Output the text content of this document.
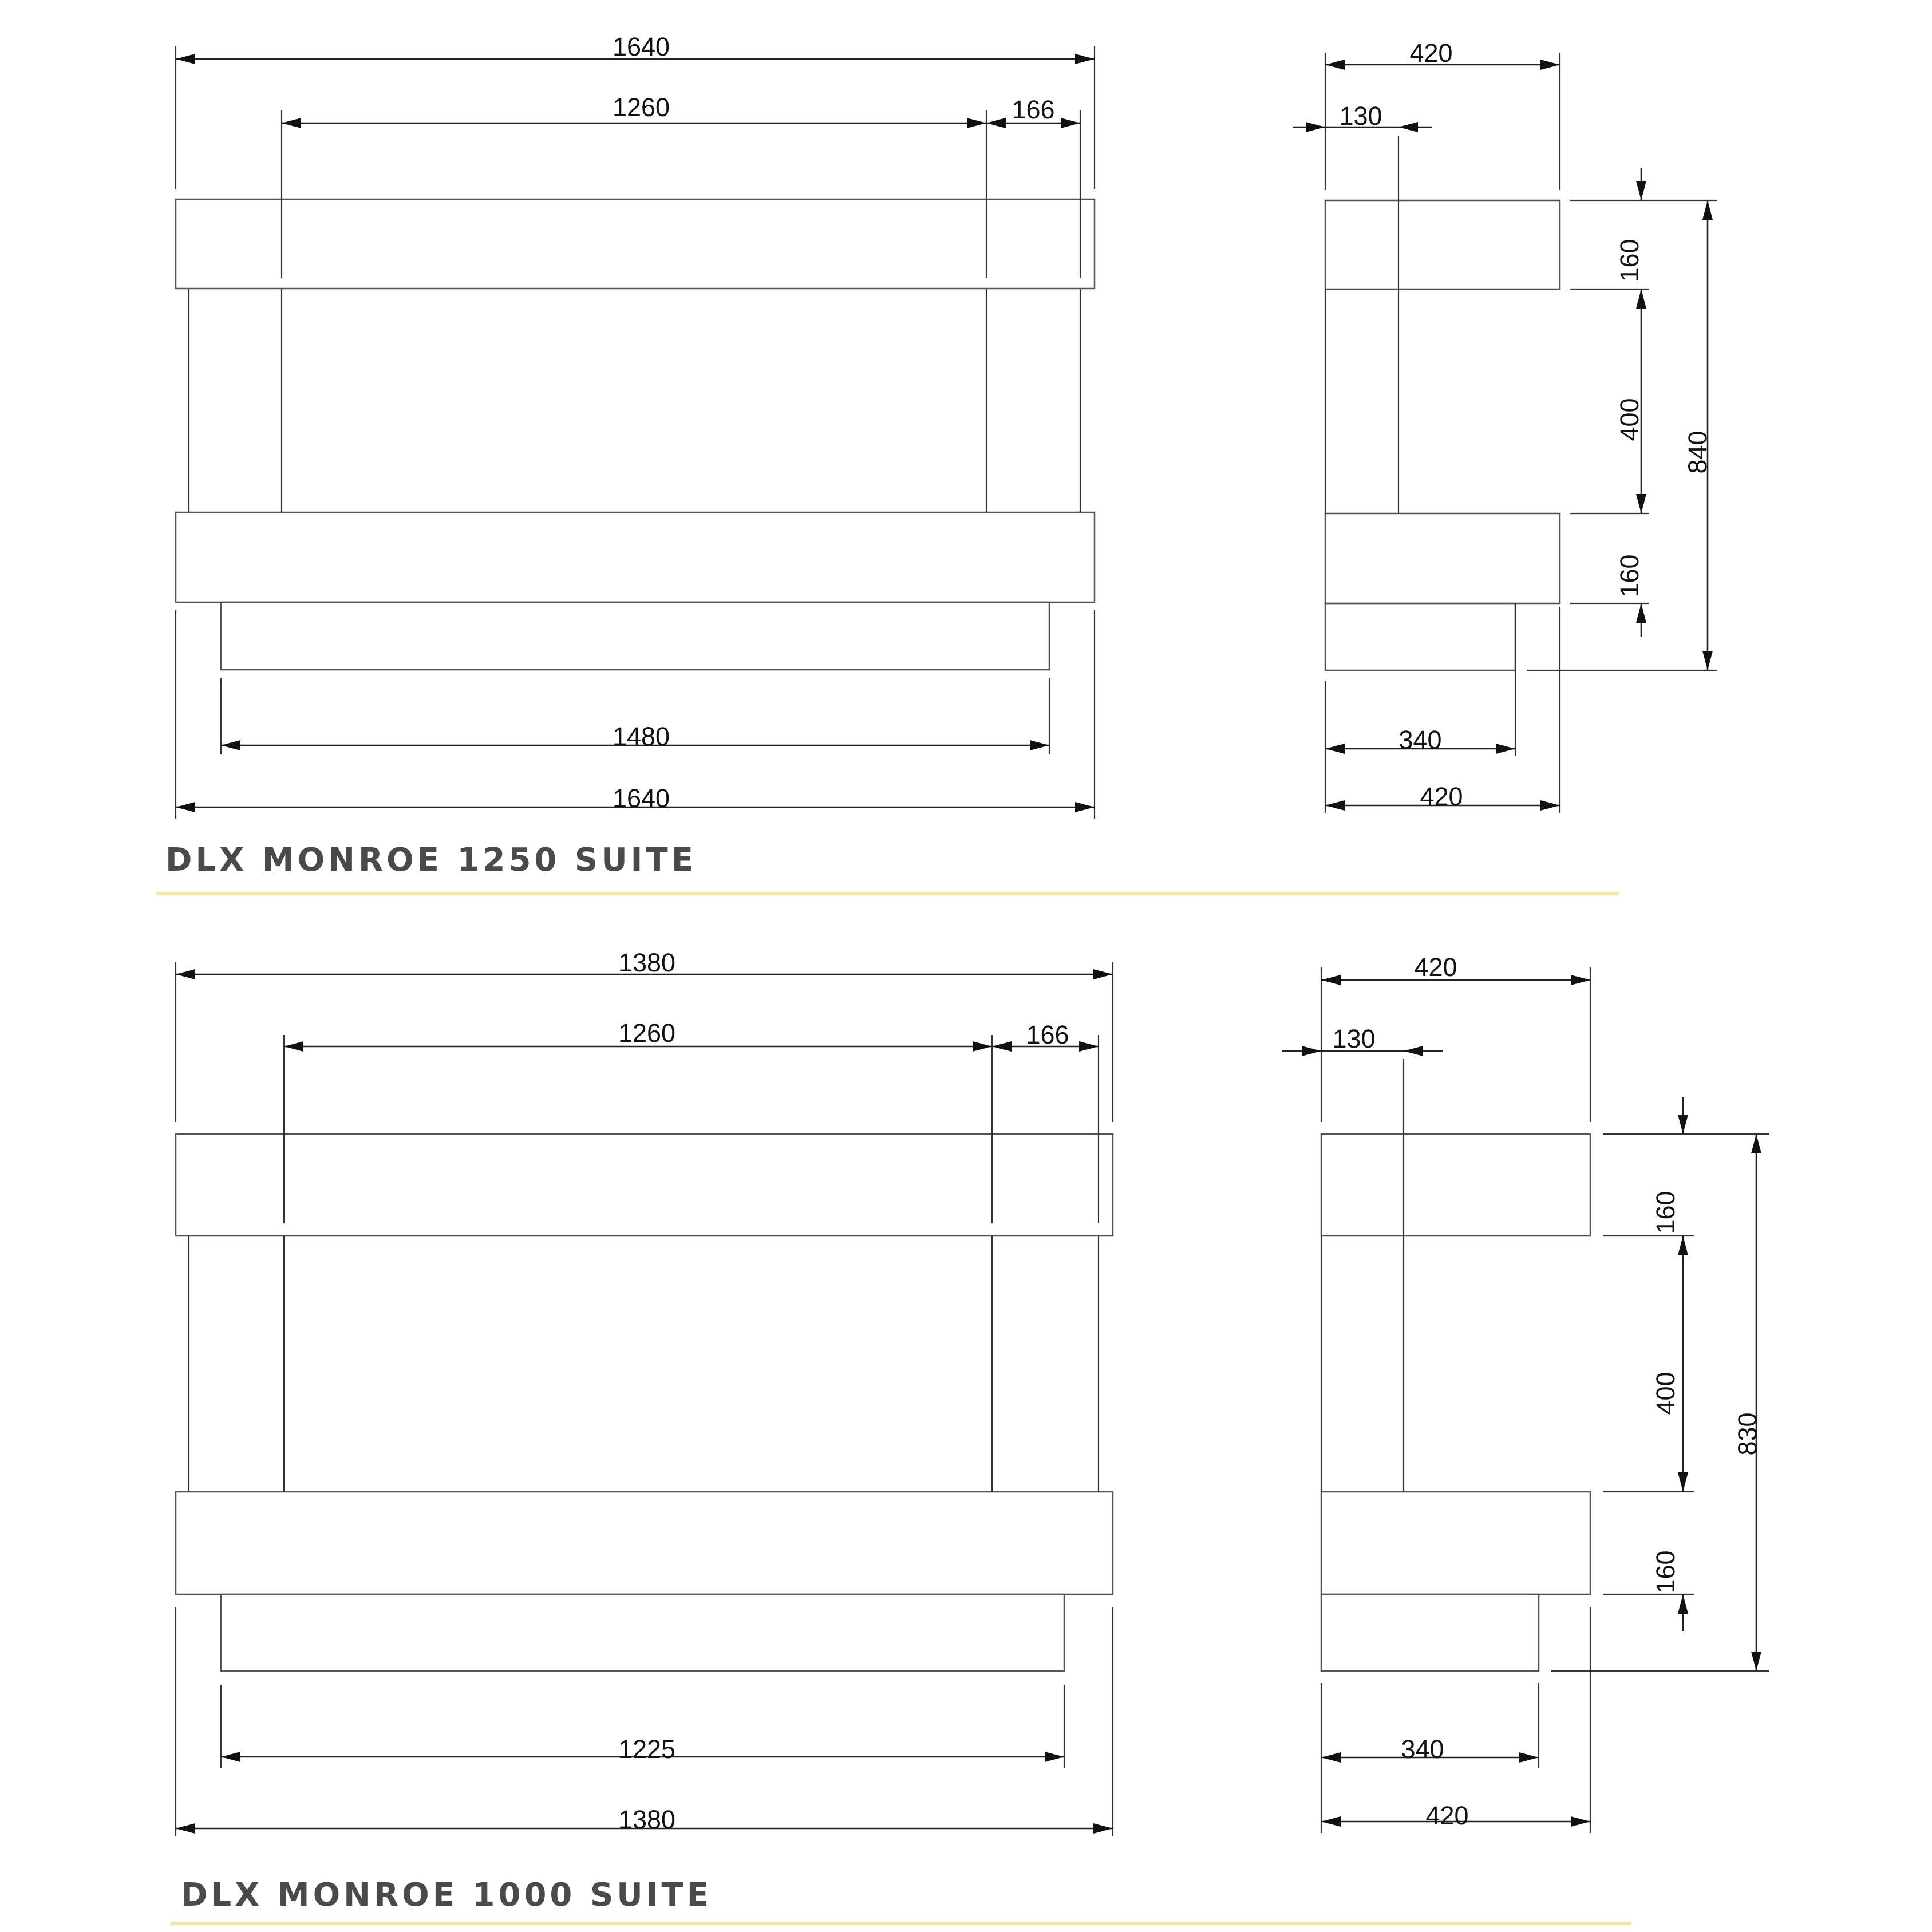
1640
1260	166
1480
1640
420
130
160
400
160
840
340
420
DLX MONROE 1250 SUITE
1380
1260	166
1225
1380
420
130
160
400
160
830
340
420
DLX MONROE 1000 SUITE
